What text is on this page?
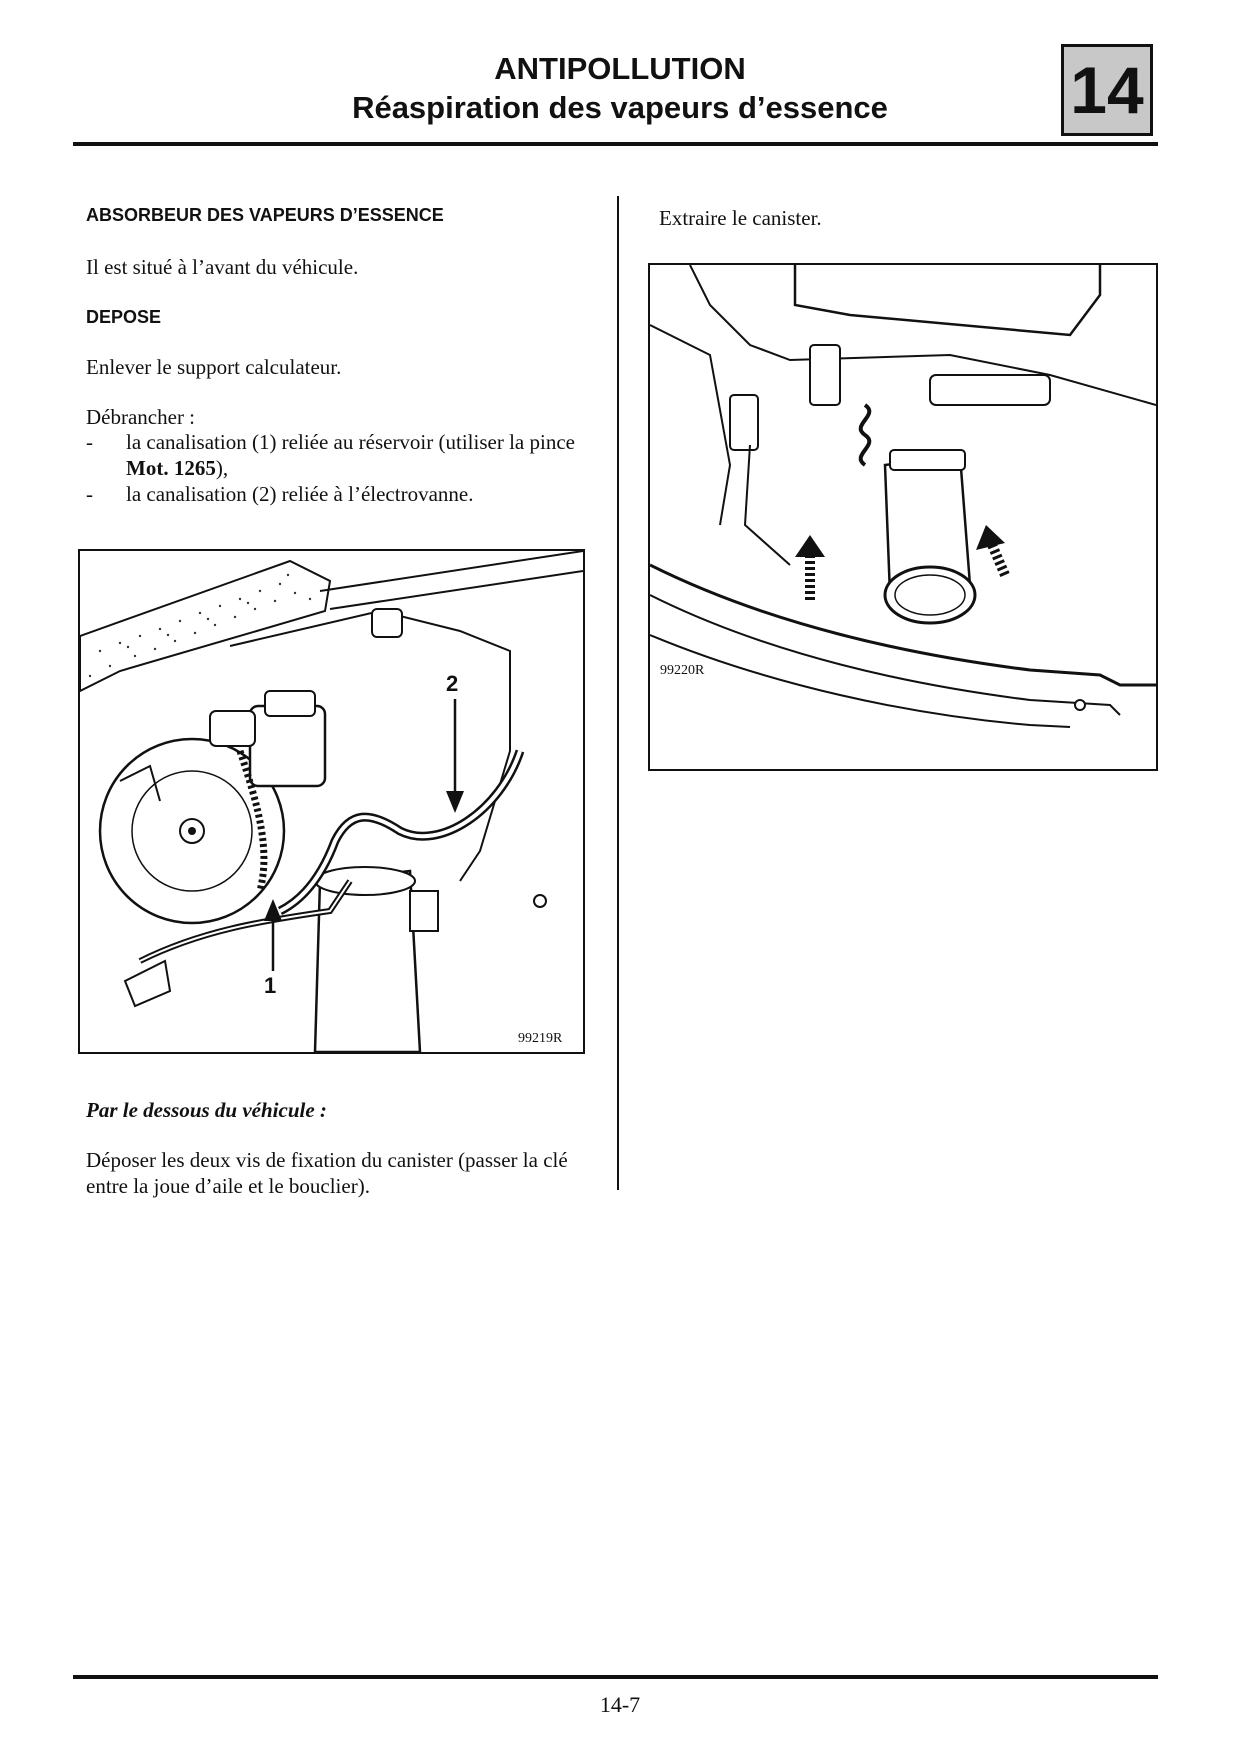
ANTIPOLLUTION
Réaspiration des vapeurs d’essence	14
ABSORBEUR DES VAPEURS D’ESSENCE
Il est situé à l’avant du véhicule.
DEPOSE
Enlever le support calculateur.
Débrancher :
- la canalisation (1) reliée au réservoir (utiliser la pince Mot. 1265),
- la canalisation (2) reliée à l’électrovanne.
2
1
99219R
Par le dessous du véhicule :
Déposer les deux vis de fixation du canister (passer la clé entre la joue d’aile et le bouclier).
Extraire le canister.
99220R
14-7
